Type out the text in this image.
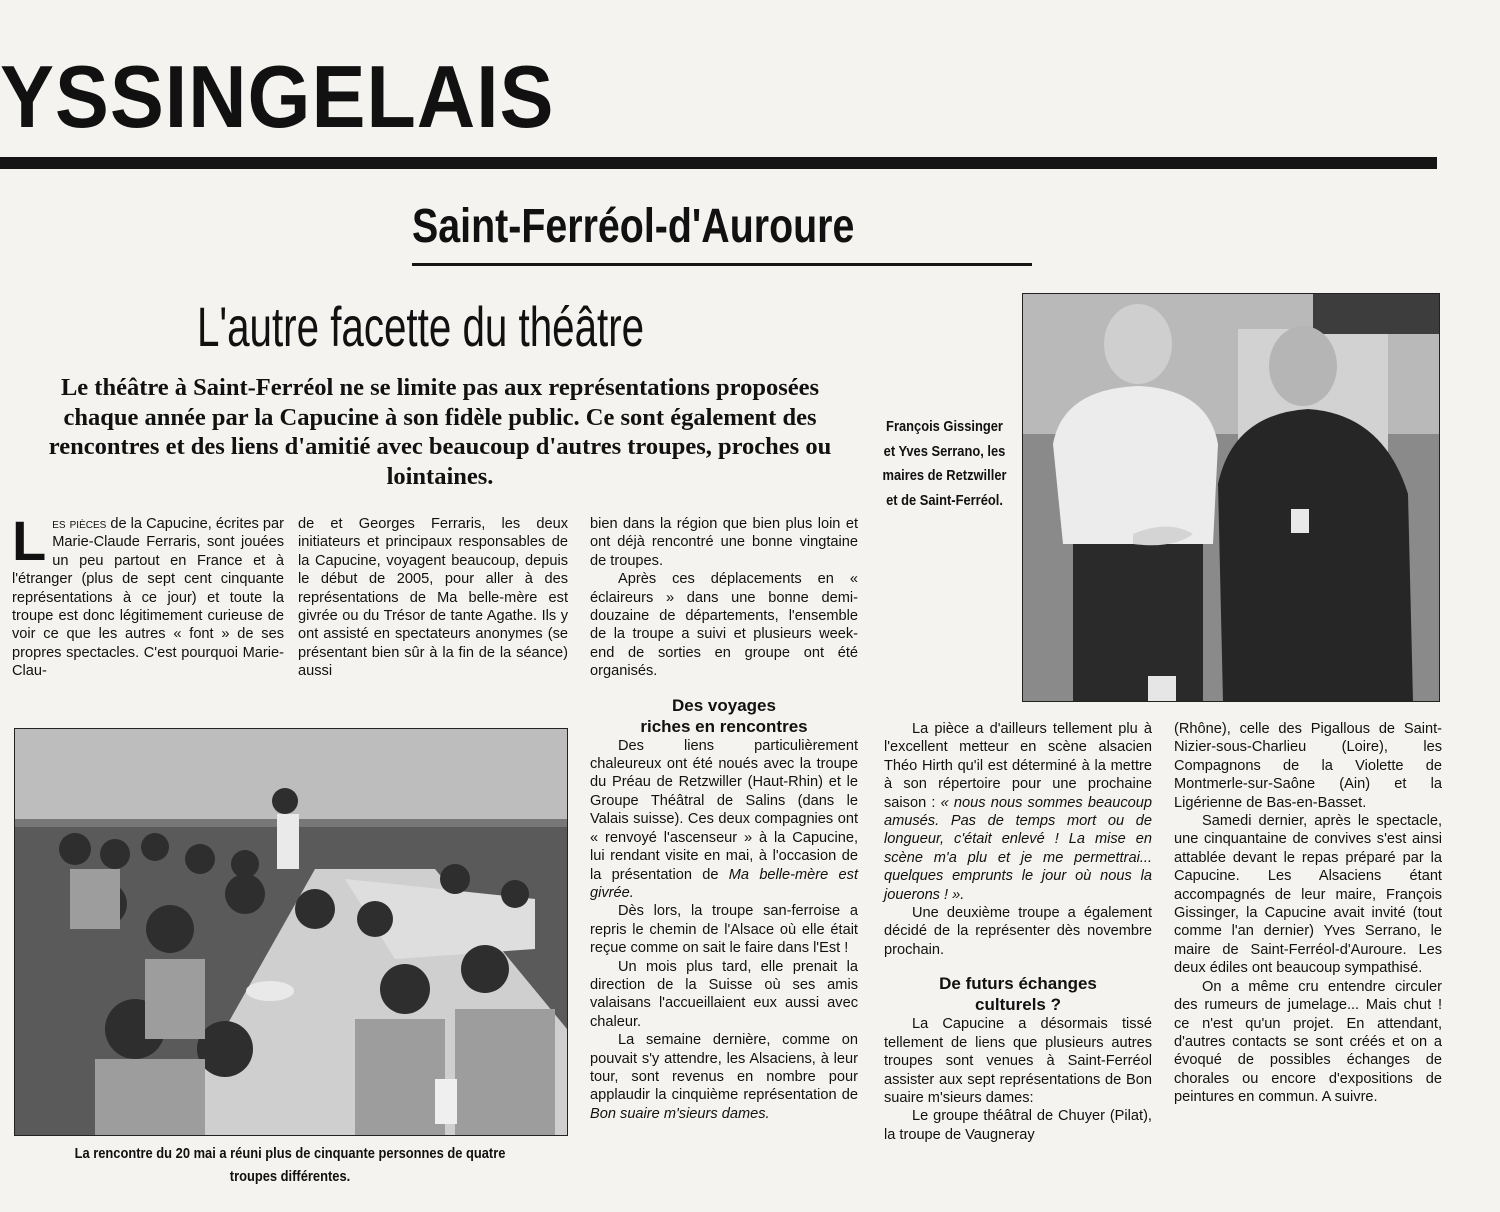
YSSINGELAIS
Saint-Ferréol-d'Auroure
L'autre facette du théâtre
Le théâtre à Saint-Ferréol ne se limite pas aux représentations proposées chaque année par la Capucine à son fidèle public. Ce sont également des rencontres et des liens d'amitié avec beaucoup d'autres troupes, proches ou lointaines.

Les pièces de la Capucine, écrites par Marie-Claude Ferraris, sont jouées un peu partout en France et à l'étranger (plus de sept cent cinquante représentations à ce jour) et toute la troupe est donc légitimement curieuse de voir ce que les autres « font » de ses propres spectacles. C'est pourquoi Marie-Clau-

de et Georges Ferraris, les deux initiateurs et principaux responsables de la Capucine, voyagent beaucoup, depuis le début de 2005, pour aller à des représentations de Ma belle-mère est givrée ou du Trésor de tante Agathe. Ils y ont assisté en spectateurs anonymes (se présentant bien sûr à la fin de la séance) aussi

bien dans la région que bien plus loin et ont déjà rencontré une bonne vingtaine de troupes.

Après ces déplacements en « éclaireurs » dans une bonne demi-douzaine de départements, l'ensemble de la troupe a suivi et plusieurs week-end de sorties en groupe ont été organisés.

Des voyages

riches en rencontres

Des liens particulièrement chaleureux ont été noués avec la troupe du Préau de Retzwiller (Haut-Rhin) et le Groupe Théâtral de Salins (dans le Valais suisse). Ces deux compagnies ont « renvoyé l'ascenseur » à la Capucine, lui rendant visite en mai, à l'occasion de la présentation de Ma belle-mère est givrée.

Dès lors, la troupe san-ferroise a repris le chemin de l'Alsace où elle était reçue comme on sait le faire dans l'Est !

Un mois plus tard, elle prenait la direction de la Suisse où ses amis valaisans l'accueillaient eux aussi avec chaleur.

La semaine dernière, comme on pouvait s'y attendre, les Alsaciens, à leur tour, sont revenus en nombre pour applaudir la cinquième représentation de Bon suaire m'sieurs dames.

François Gissinger et Yves Serrano, les maires de Retzwiller et de Saint-Ferréol.
La rencontre du 20 mai a réuni plus de cinquante personnes de quatre troupes différentes.

La pièce a d'ailleurs tellement plu à l'excellent metteur en scène alsacien Théo Hirth qu'il est déterminé à la mettre à son répertoire pour une prochaine saison : « nous nous sommes beaucoup amusés. Pas de temps mort ou de longueur, c'était enlevé ! La mise en scène m'a plu et je me permettrai... quelques emprunts le jour où nous la jouerons ! ».

Une deuxième troupe a également décidé de la représenter dès novembre prochain.

De futurs échanges

culturels ?

La Capucine a désormais tissé tellement de liens que plusieurs autres troupes sont venues à Saint-Ferréol assister aux sept représentations de Bon suaire m'sieurs dames:

Le groupe théâtral de Chuyer (Pilat), la troupe de Vaugneray

(Rhône), celle des Pigallous de Saint-Nizier-sous-Charlieu (Loire), les Compagnons de la Violette de Montmerle-sur-Saône (Ain) et la Ligérienne de Bas-en-Basset.

Samedi dernier, après le spectacle, une cinquantaine de convives s'est ainsi attablée devant le repas préparé par la Capucine. Les Alsaciens étant accompagnés de leur maire, François Gissinger, la Capucine avait invité (tout comme l'an dernier) Yves Serrano, le maire de Saint-Ferréol-d'Auroure. Les deux édiles ont beaucoup sympathisé.

On a même cru entendre circuler des rumeurs de jumelage... Mais chut ! ce n'est qu'un projet. En attendant, d'autres contacts se sont créés et on a évoqué de possibles échanges de chorales ou encore d'expositions de peintures en commun. A suivre.
